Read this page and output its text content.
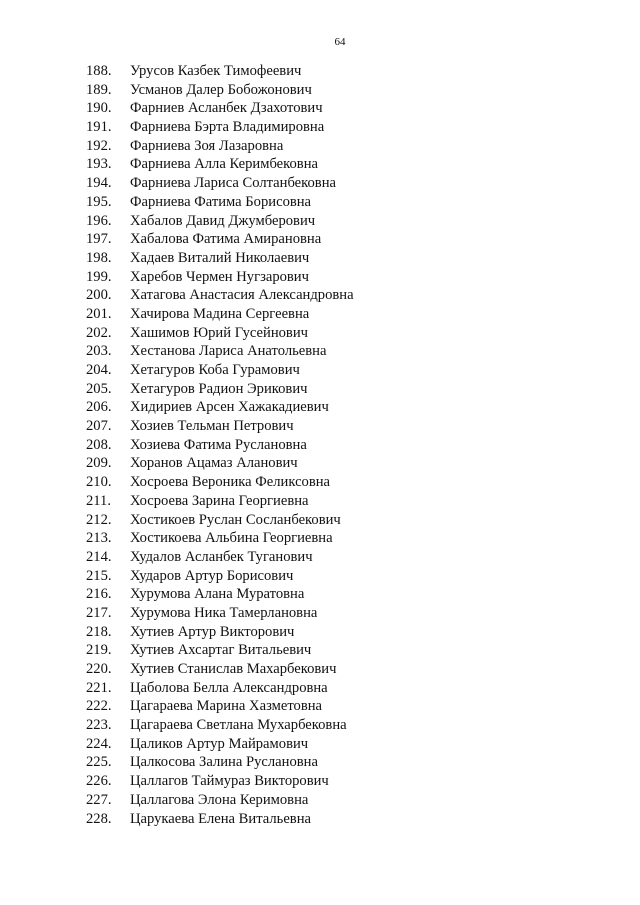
64
188.	Урусов Казбек Тимофеевич
189.	Усманов Далер Бобожонович
190.	Фарниев Асланбек Дзахотович
191.	Фарниева Бэрта Владимировна
192.	Фарниева Зоя Лазаровна
193.	Фарниева Алла Керимбековна
194.	Фарниева Лариса Солтанбековна
195.	Фарниева Фатима Борисовна
196.	Хабалов Давид Джумберович
197.	Хабалова Фатима Амирановна
198.	Хадаев Виталий Николаевич
199.	Харебов Чермен Нугзарович
200.	Хатагова Анастасия Александровна
201.	Хачирова Мадина Сергеевна
202.	Хашимов Юрий Гусейнович
203.	Хестанова Лариса Анатольевна
204.	Хетагуров Коба Гурамович
205.	Хетагуров Радион Эрикович
206.	Хидириев Арсен Хажакадиевич
207.	Хозиев Тельман Петрович
208.	Хозиева Фатима Руслановна
209.	Хоранов Ацамаз Аланович
210.	Хосроева Вероника Феликсовна
211.	Хосроева Зарина Георгиевна
212.	Хостикоев Руслан Сосланбекович
213.	Хостикоева Альбина Георгиевна
214.	Худалов Асланбек Туганович
215.	Хударов Артур Борисович
216.	Хурумова Алана Муратовна
217.	Хурумова Ника Тамерлановна
218.	Хутиев Артур Викторович
219.	Хутиев Ахсартаг Витальевич
220.	Хутиев Станислав Махарбекович
221.	Цаболова Белла Александровна
222.	Цагараева Марина Хазметовна
223.	Цагараева Светлана Мухарбековна
224.	Цаликов Артур Майрамович
225.	Цалкосова Залина Руслановна
226.	Цаллагов Таймураз Викторович
227.	Цаллагова Элона Керимовна
228.	Царукаева Елена Витальевна
